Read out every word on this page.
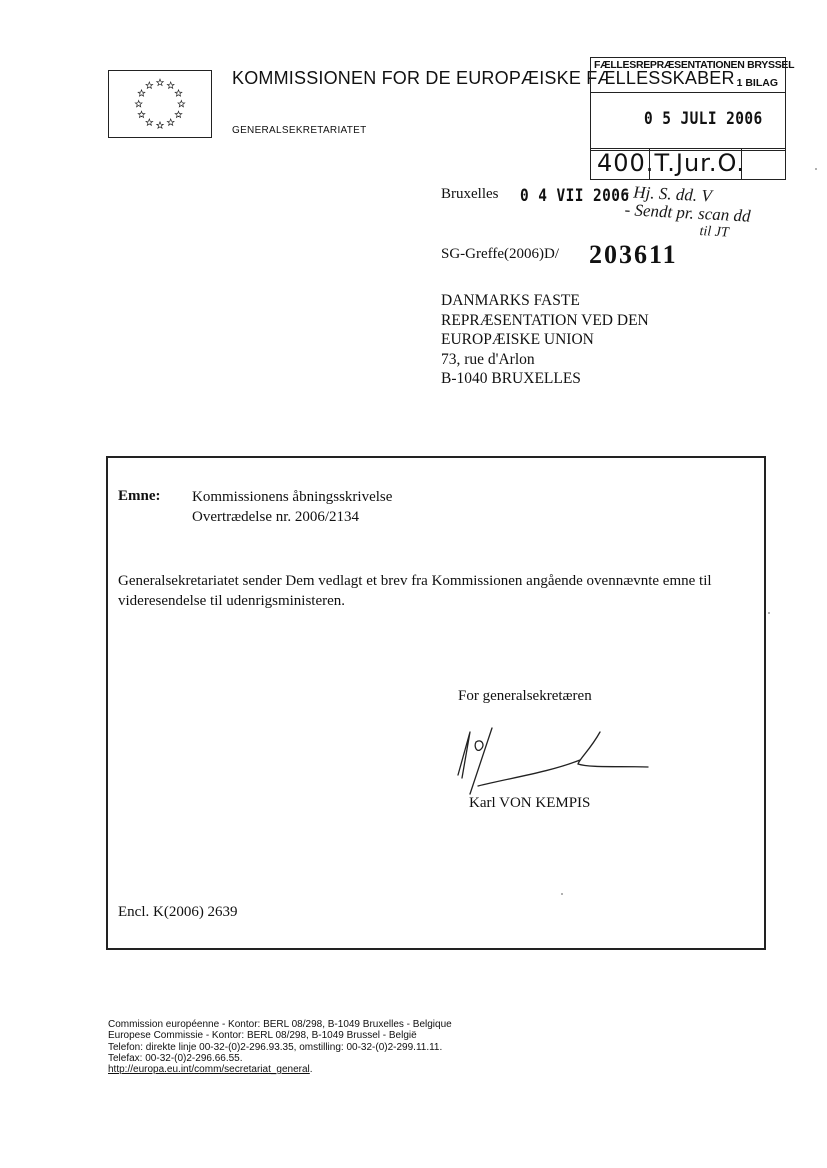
KOMMISSIONEN FOR DE EUROPÆISKE FÆLLESSKABER
GENERALSEKRETARIATET
FÆLLESREPRÆSENTATIONEN BRYSSEL
1 BILAG
0 5 JULI 2006
400.T.Jur.O.
Bruxelles 0 4 VII 2006
- Hj. S. dd. V
- Sendt pr. scan dd
til JT
SG-Greffe(2006)D/ 203611
DANMARKS FASTE
REPRÆSENTATION VED DEN
EUROPÆISKE UNION
73, rue d'Arlon
B-1040 BRUXELLES
Emne: Kommissionens åbningsskrivelse
Overtrædelse nr. 2006/2134
Generalsekretariatet sender Dem vedlagt et brev fra Kommissionen angående ovennævnte emne til videresendelse til udenrigsministeren.
For generalsekretæren
Karl VON KEMPIS
Encl. K(2006) 2639
Commission européenne - Kontor: BERL 08/298, B-1049 Bruxelles - Belgique
Europese Commissie - Kontor: BERL 08/298, B-1049 Brussel - België
Telefon: direkte linje 00-32-(0)2-296.93.35, omstilling: 00-32-(0)2-299.11.11.
Telefax: 00-32-(0)2-296.66.55.
http://europa.eu.int/comm/secretariat_general.
